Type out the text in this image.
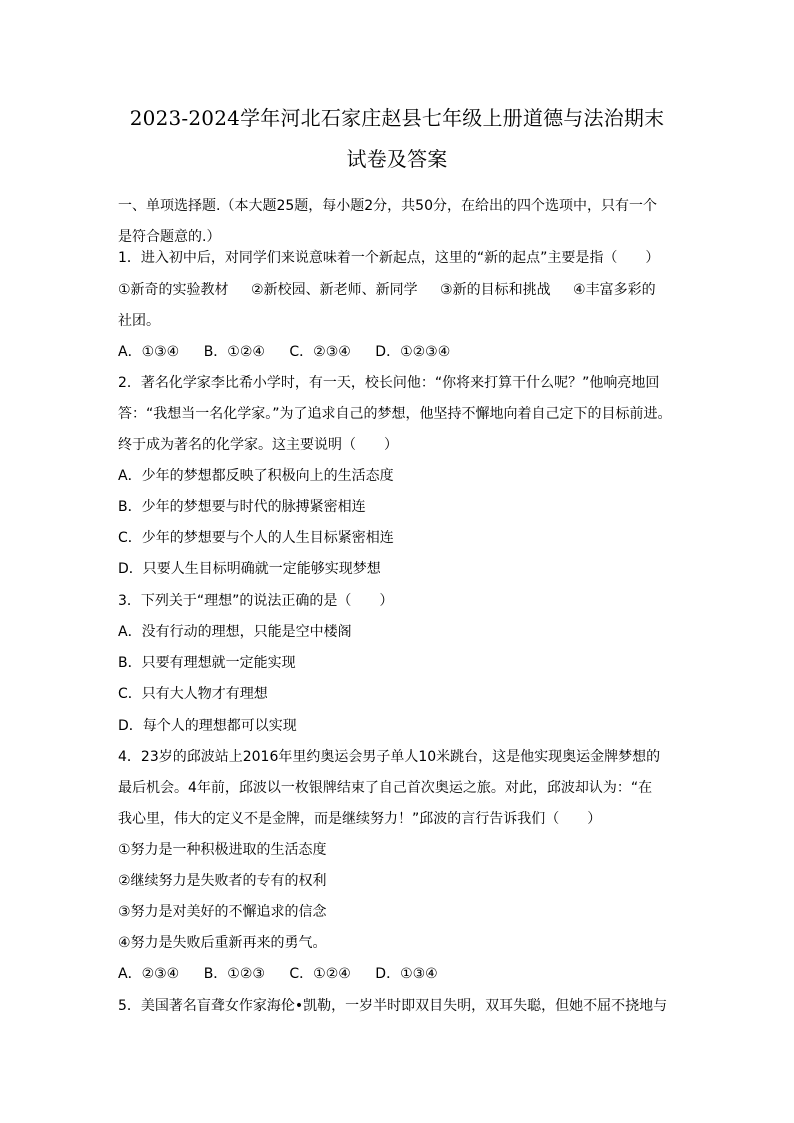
2023-2024学年河北石家庄赵县七年级上册道德与法治期末
试卷及答案
一、单项选择题.（本大题25题，每小题2分，共50分，在给出的四个选项中，只有一个
是符合题意的.）
1．进入初中后，对同学们来说意味着一个新起点，这里的“新的起点”主要是指（　　）
①新奇的实验教材 ②新校园、新老师、新同学 ③新的目标和挑战 ④丰富多彩的
社团。
A．①③④ B．①②④ C．②③④ D．①②③④
2．著名化学家李比希小学时，有一天，校长问他：“你将来打算干什么呢？”他响亮地回
答：“我想当一名化学家。”为了追求自己的梦想，他坚持不懈地向着自己定下的目标前进。
终于成为著名的化学家。这主要说明（　　）
A．少年的梦想都反映了积极向上的生活态度
B．少年的梦想要与时代的脉搏紧密相连
C．少年的梦想要与个人的人生目标紧密相连
D．只要人生目标明确就一定能够实现梦想
3．下列关于“理想”的说法正确的是（　　）
A．没有行动的理想，只能是空中楼阁
B．只要有理想就一定能实现
C．只有大人物才有理想
D．每个人的理想都可以实现
4．23岁的邱波站上2016年里约奥运会男子单人10米跳台，这是他实现奥运金牌梦想的
最后机会。4年前，邱波以一枚银牌结束了自己首次奥运之旅。对此，邱波却认为：“在
我心里，伟大的定义不是金牌，而是继续努力！”邱波的言行告诉我们（　　）
①努力是一种积极进取的生活态度
②继续努力是失败者的专有的权利
③努力是对美好的不懈追求的信念
④努力是失败后重新再来的勇气。
A．②③④ B．①②③ C．①②④ D．①③④
5．美国著名盲聋女作家海伦•凯勒，一岁半时即双目失明，双耳失聪，但她不屈不挠地与
